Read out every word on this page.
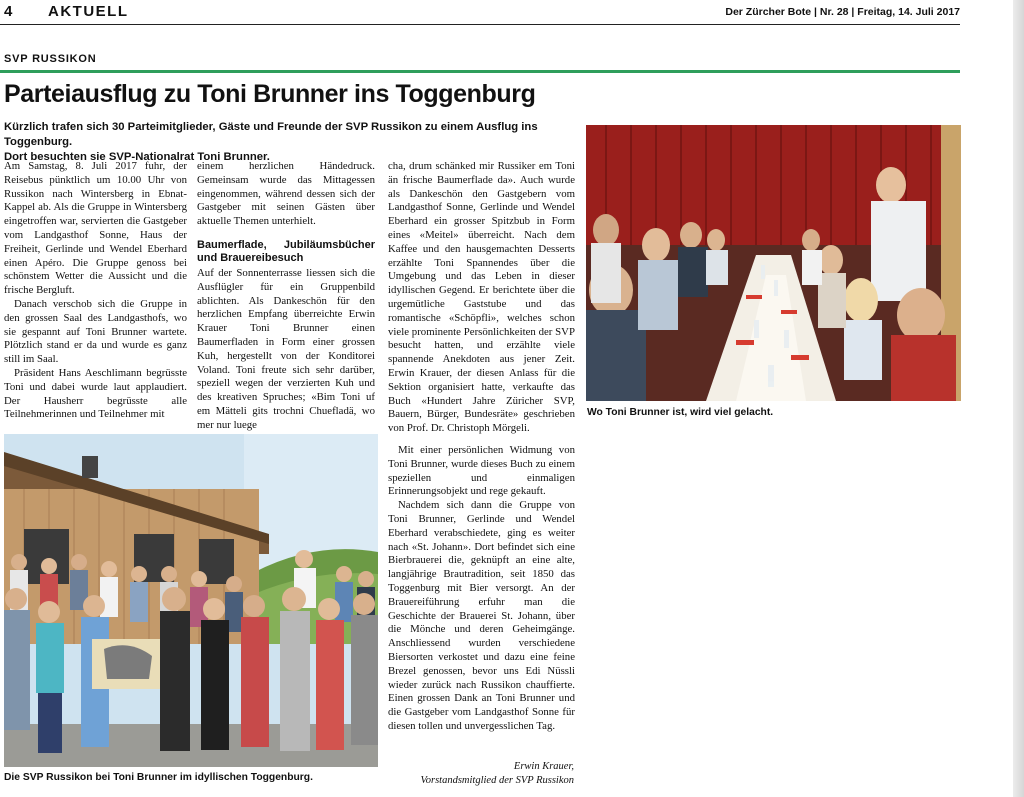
4 AKTUELL	Der Zürcher Bote | Nr. 28 | Freitag, 14. Juli 2017
SVP RUSSIKON
Parteiausflug zu Toni Brunner ins Toggenburg
Kürzlich trafen sich 30 Parteimitglieder, Gäste und Freunde der SVP Russikon zu einem Ausflug ins Toggenburg.
Dort besuchten sie SVP-Nationalrat Toni Brunner.

Am Samstag, 8. Juli 2017 fuhr, der Reisebus pünktlich um 10.00 Uhr von Russikon nach Wintersberg in Ebnat-Kappel ab. Als die Gruppe in Wintersberg eingetroffen war, servierten die Gastgeber vom Landgasthof Sonne, Haus der Freiheit, Gerlinde und Wendel Eberhard einen Apéro. Die Gruppe genoss bei schönstem Wetter die Aussicht und die frische Bergluft.

Danach verschob sich die Gruppe in den grossen Saal des Landgasthofs, wo sie gespannt auf Toni Brunner wartete. Plötzlich stand er da und wurde es ganz still im Saal.

Präsident Hans Aeschlimann begrüsste Toni und dabei wurde laut applaudiert. Der Hausherr begrüsste alle Teilnehmerinnen und Teilnehmer mit

einem herzlichen Händedruck. Gemeinsam wurde das Mittagessen eingenommen, während dessen sich der Gastgeber mit seinen Gästen über aktuelle Themen unterhielt.

Baumerflade, Jubiläumsbücher und Brauereibesuch

Auf der Sonnenterrasse liessen sich die Ausflügler für ein Gruppenbild ablichten. Als Dankeschön für den herzlichen Empfang überreichte Erwin Krauer Toni Brunner einen Baumerfladen in Form einer grossen Kuh, hergestellt von der Konditorei Voland. Toni freute sich sehr darüber, speziell wegen der verzierten Kuh und des kreativen Spruches; «Bim Toni uf em Mätteli gits trochni Chuefladä, wo mer nur luege

cha, drum schänked mir Russiker em Toni än frische Baumerflade da». Auch wurde als Dankeschön den Gastgebern vom Landgasthof Sonne, Gerlinde und Wendel Eberhard ein grosser Spitzbub in Form eines «Meitel» überreicht. Nach dem Kaffee und den hausgemachten Desserts erzählte Toni Spannendes über die Umgebung und das Leben in dieser idyllischen Gegend. Er berichtete über die urgemütliche Gaststube und das romantische «Schöpfli», welches schon viele prominente Persönlichkeiten der SVP besucht hatten, und erzählte viele spannende Anekdoten aus jener Zeit. Erwin Krauer, der diesen Anlass für die Sektion organisiert hatte, verkaufte das Buch «Hundert Jahre Züricher SVP, Bauern, Bürger, Bundesräte» geschrieben von Prof. Dr. Christoph Mörgeli.

Mit einer persönlichen Widmung von Toni Brunner, wurde dieses Buch zu einem speziellen und einmaligen Erinnerungsobjekt und rege gekauft.

Nachdem sich dann die Gruppe von Toni Brunner, Gerlinde und Wendel Eberhard verabschiedete, ging es weiter nach «St. Johann». Dort befindet sich eine Bierbrauerei die, geknüpft an eine alte, langjährige Brautradition, seit 1850 das Toggenburg mit Bier versorgt. An der Brauereiführung erfuhr man die Geschichte der Brauerei St. Johann, über die Mönche und deren Geheimgänge. Anschliessend wurden verschiedene Biersorten verkostet und dazu eine feine Brezel genossen, bevor uns Edi Nüssli wieder zurück nach Russikon chauffierte. Einen grossen Dank an Toni Brunner und die Gastgeber vom Landgasthof Sonne für diesen tollen und unvergesslichen Tag.

Erwin Krauer,
Vorstandsmitglied der SVP Russikon
Wo Toni Brunner ist, wird viel gelacht.
Die SVP Russikon bei Toni Brunner im idyllischen Toggenburg.
